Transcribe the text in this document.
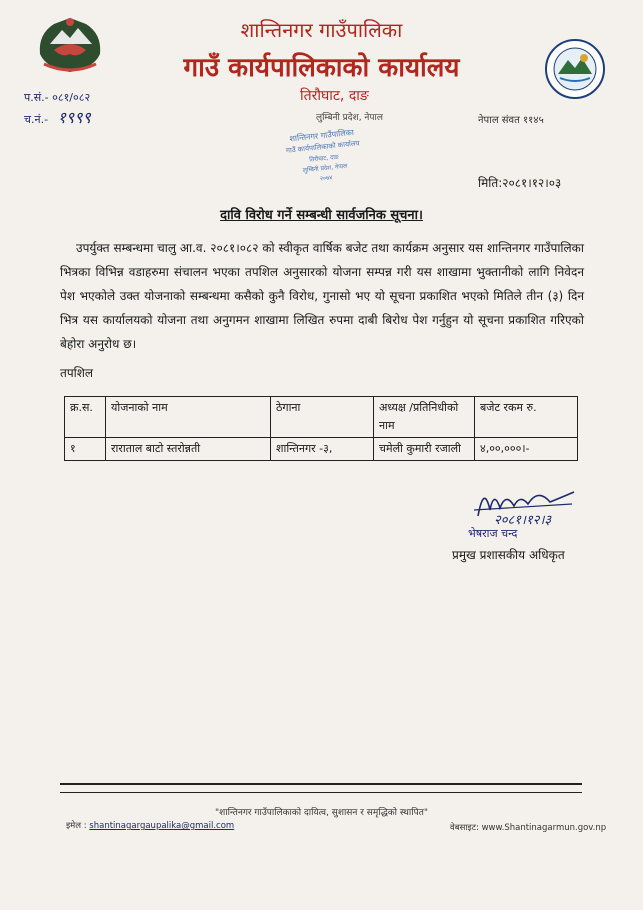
शान्तिनगर गाउँपालिका
गाउँ कार्यपालिकाको कार्यालय
तिरौघाट, दाङ
लुम्बिनी प्रदेश, नेपाल	नेपाल संवत ११४५
प.सं.- ०८१/०८२
च.नं.- १९९९
शान्तिनगर गाउँपालिका
गाउँ कार्यपालिकाको कार्यालय
तिरौघाट, दाङ
लुम्बिनी प्रदेश, नेपाल
२०७४	मिति:२०८१।१२।०३
दावि विरोध गर्ने सम्बन्धी सार्वजनिक सूचना।
उपर्युक्त सम्बन्धमा चालु आ.व. २०८१।०८२ को स्वीकृत वार्षिक बजेट तथा कार्यक्रम अनुसार यस शान्तिनगर गाउँपालिका भित्रका विभिन्न वडाहरुमा संचालन भएका तपशिल अनुसारको योजना सम्पन्न गरी यस शाखामा भुक्तानीको लागि निवेदन पेश भएकोले उक्त योजनाको सम्बन्धमा कसैको कुनै विरोध, गुनासो भए यो सूचना प्रकाशित भएको मितिले तीन (३) दिन भित्र यस कार्यालयको योजना तथा अनुगमन शाखामा लिखित रुपमा दाबी बिरोध पेश गर्नुहुन यो सूचना प्रकाशित गरिएको बेहोरा अनुरोध छ।
तपशिल
क्र.स.	योजनाको नाम	ठेगाना	अध्यक्ष /प्रतिनिधीको नाम	बजेट रकम रु.
१	राराताल बाटो स्तरोन्नती	शान्तिनगर -३,	चमेली कुमारी रजाली	४,००,०००।-
२०८१।१२।३
भेषराज चन्द
प्रमुख प्रशासकीय अधिकृत
"शान्तिनगर गाउँपालिकाको दायित्व, सुशासन र समृद्धिको स्थापित"
इमेल : shantinagargaupalika@gmail.com	वेबसाइट: www.Shantinagarmun.gov.np
